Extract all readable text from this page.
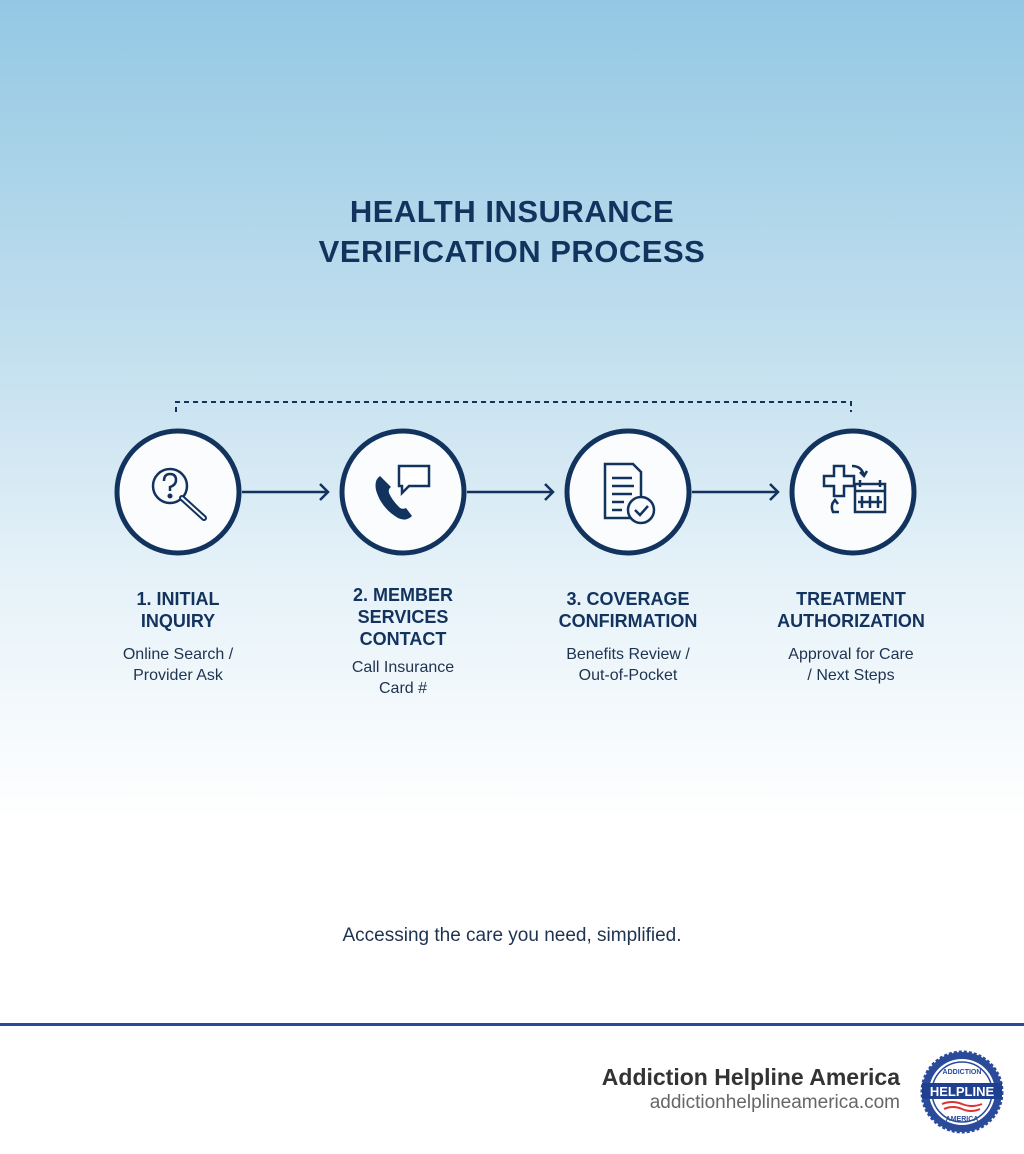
HEALTH INSURANCE
VERIFICATION PROCESS
1. INITIAL
INQUIRY
Online Search /
Provider Ask
2. MEMBER
SERVICES
CONTACT
Call Insurance
Card #
3. COVERAGE
CONFIRMATION
Benefits Review /
Out-of-Pocket
TREATMENT
AUTHORIZATION
Approval for Care
/ Next Steps
Accessing the care you need, simplified.
Addiction Helpline America
addictionhelplineamerica.com
HELPLINE
ADDICTION
AMERICA
